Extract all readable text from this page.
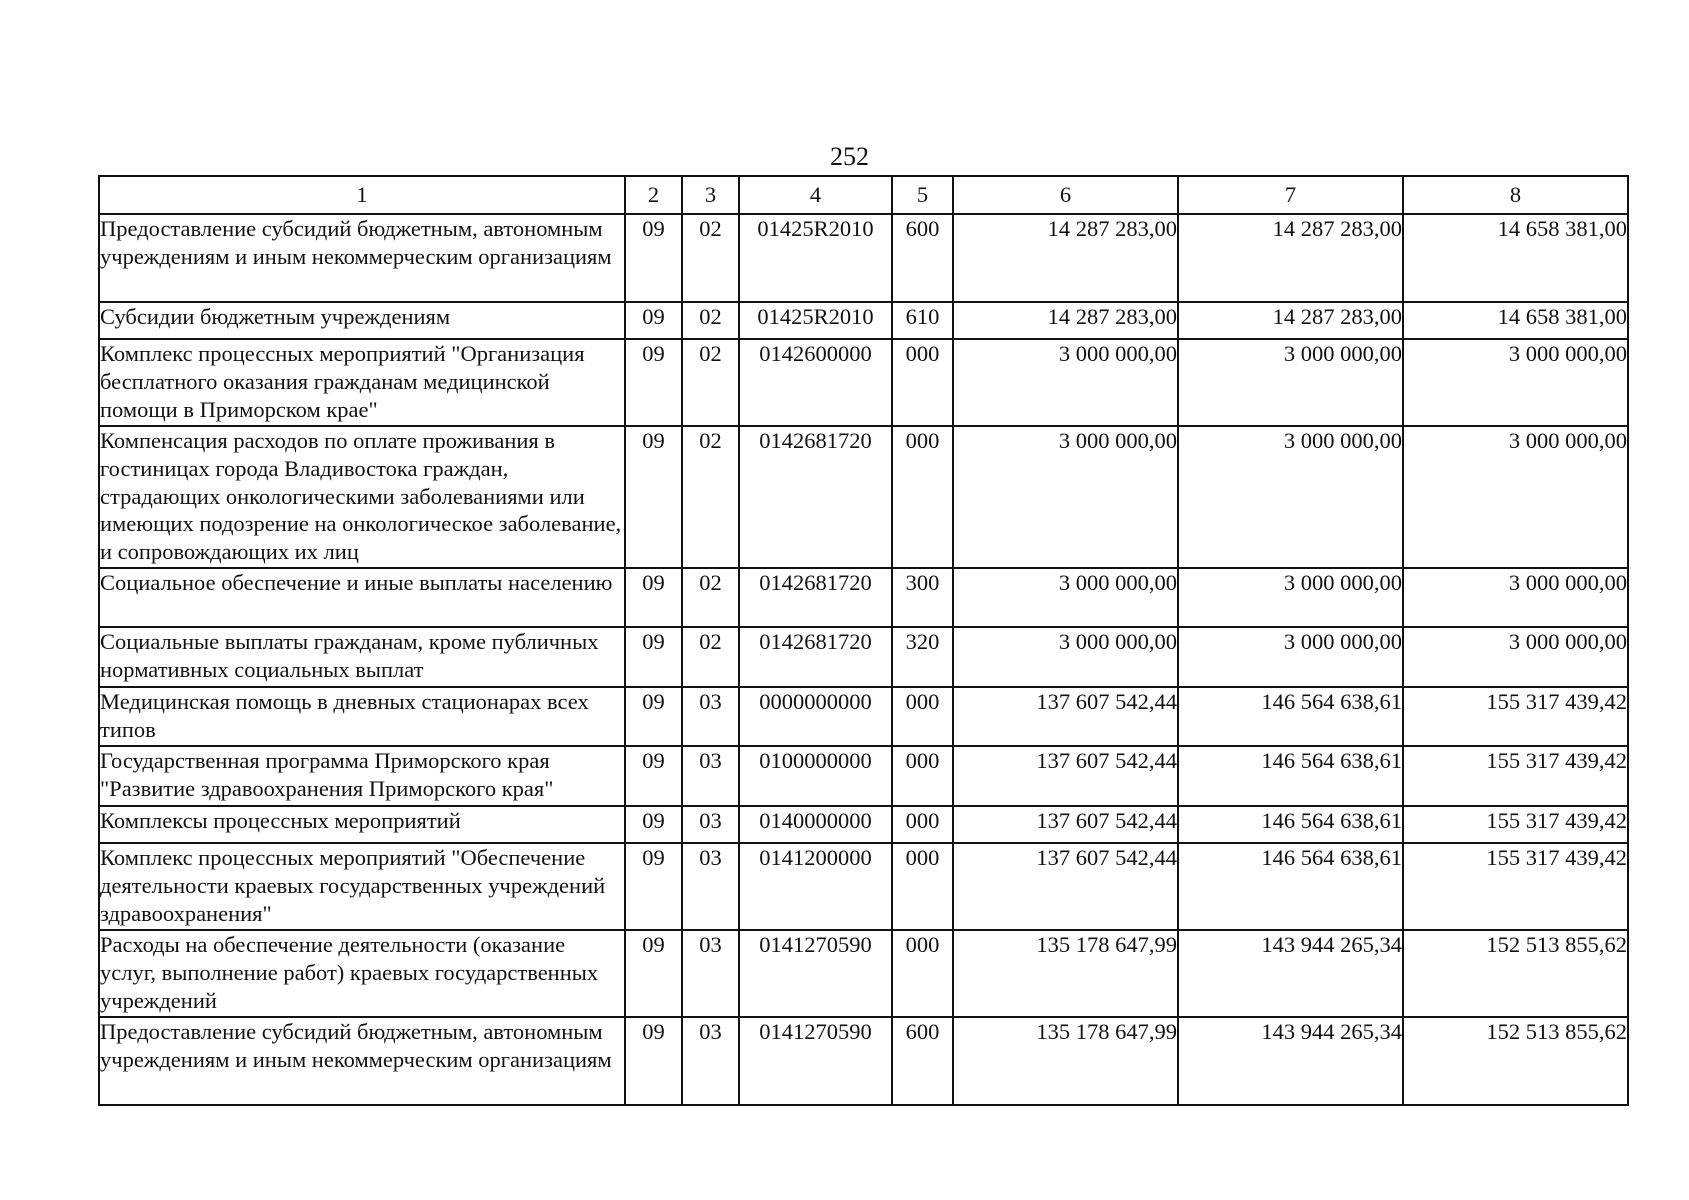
252
1	2	3	4	5	6	7	8
Предоставление субсидий бюджетным, автономным учреждениям и иным некоммерческим организациям	09	02	01425R2010	600	14 287 283,00	14 287 283,00	14 658 381,00
Субсидии бюджетным учреждениям	09	02	01425R2010	610	14 287 283,00	14 287 283,00	14 658 381,00
Комплекс процессных мероприятий "Организация бесплатного оказания гражданам медицинской помощи в Приморском крае"	09	02	0142600000	000	3 000 000,00	3 000 000,00	3 000 000,00
Компенсация расходов по оплате проживания в гостиницах города Владивостока граждан, страдающих онкологическими заболеваниями или имеющих подозрение на онкологическое заболевание, и сопровождающих их лиц	09	02	0142681720	000	3 000 000,00	3 000 000,00	3 000 000,00
Социальное обеспечение и иные выплаты населению	09	02	0142681720	300	3 000 000,00	3 000 000,00	3 000 000,00
Социальные выплаты гражданам, кроме публичных нормативных социальных выплат	09	02	0142681720	320	3 000 000,00	3 000 000,00	3 000 000,00
Медицинская помощь в дневных стационарах всех типов	09	03	0000000000	000	137 607 542,44	146 564 638,61	155 317 439,42
Государственная программа Приморского края "Развитие здравоохранения Приморского края"	09	03	0100000000	000	137 607 542,44	146 564 638,61	155 317 439,42
Комплексы процессных мероприятий	09	03	0140000000	000	137 607 542,44	146 564 638,61	155 317 439,42
Комплекс процессных мероприятий "Обеспечение деятельности краевых государственных учреждений здравоохранения"	09	03	0141200000	000	137 607 542,44	146 564 638,61	155 317 439,42
Расходы на обеспечение деятельности (оказание услуг, выполнение работ) краевых государственных учреждений	09	03	0141270590	000	135 178 647,99	143 944 265,34	152 513 855,62
Предоставление субсидий бюджетным, автономным учреждениям и иным некоммерческим организациям	09	03	0141270590	600	135 178 647,99	143 944 265,34	152 513 855,62
